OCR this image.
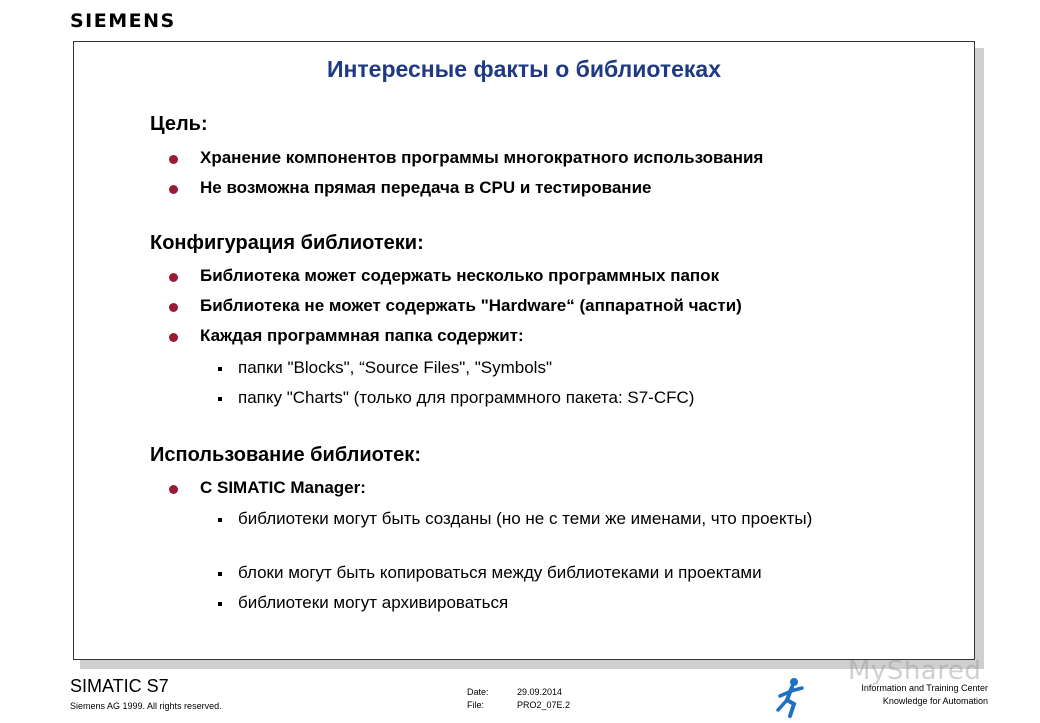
SIEMENS
Интересные факты о библиотеках
Цель:
Хранение компонентов программы многократного использования
Не возможна прямая передача в CPU и тестирование
Конфигурация библиотеки:
Библиотека может содержать несколько программных папок
Библиотека не может содержать "Hardware“ (аппаратной части)
Каждая программная папка содержит:
папки "Blocks", “Source Files", "Symbols"
папку "Charts" (только для программного пакета: S7-CFC)
Использование библиотек:
С SIMATIC Manager:
библиотеки могут быть созданы (но не с теми же именами, что проекты)
блоки могут быть копироваться между библиотеками и проектами
библиотеки могут архивироваться
SIMATIC S7
Siemens AG 1999. All rights reserved.
Date:	29.09.2014
File:	PRO2_07E.2
MyShared
Information and Training Center
Knowledge for Automation
